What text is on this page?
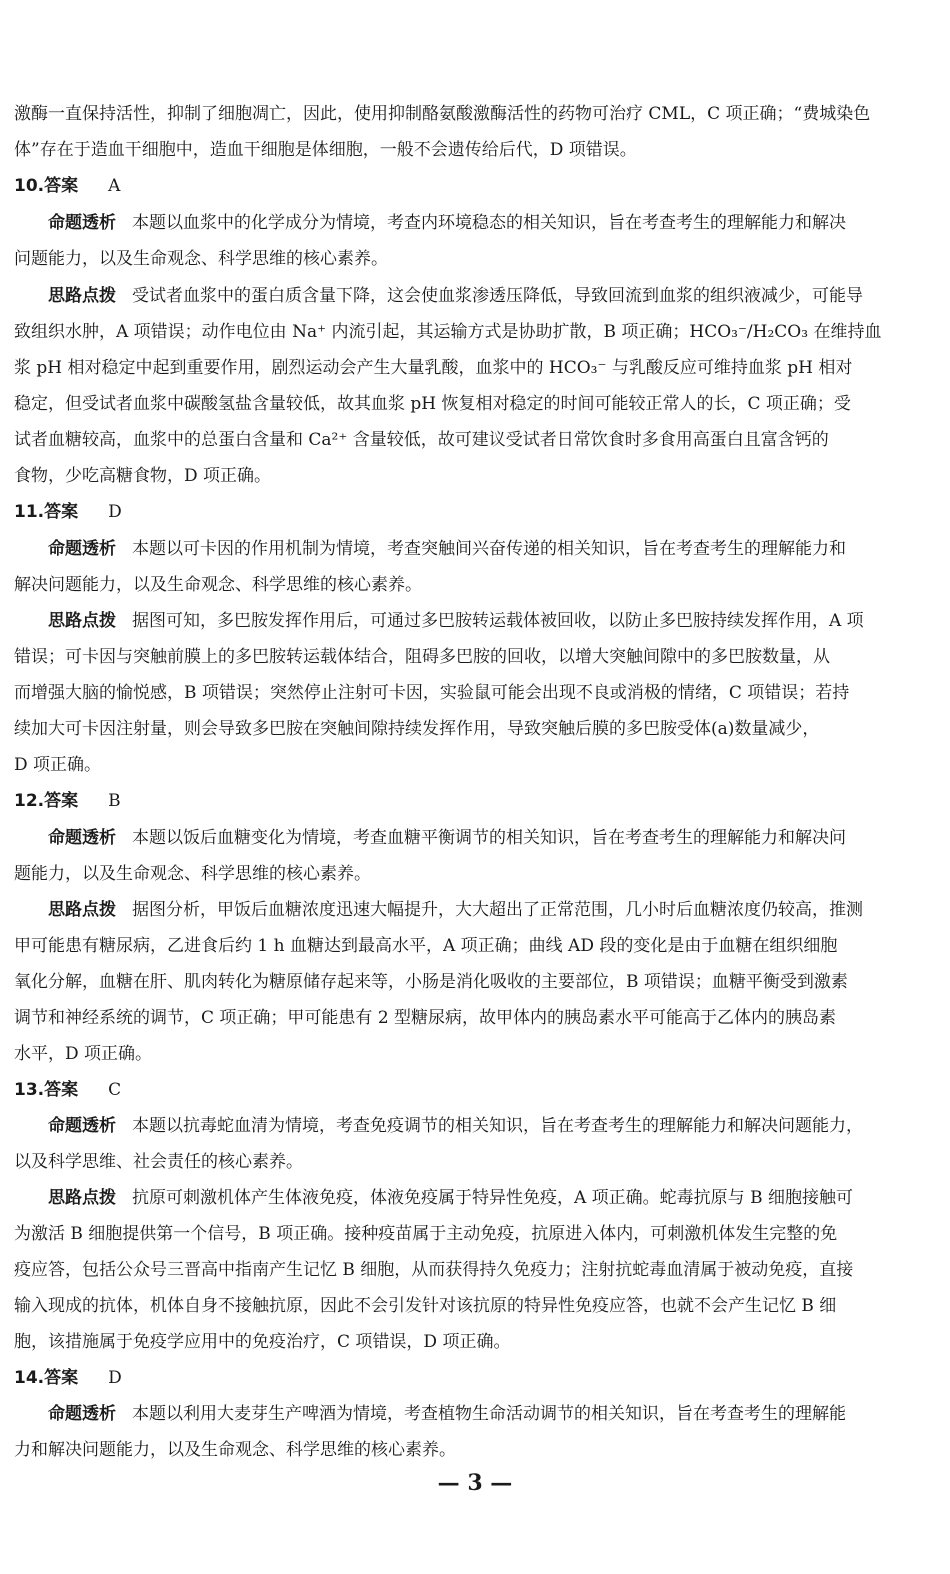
激酶一直保持活性，抑制了细胞凋亡，因此，使用抑制酪氨酸激酶活性的药物可治疗 CML，C 项正确；“费城染色

体”存在于造血干细胞中，造血干细胞是体细胞，一般不会遗传给后代，D 项错误。

10.答案 A

命题透析 本题以血浆中的化学成分为情境，考查内环境稳态的相关知识，旨在考查考生的理解能力和解决

问题能力，以及生命观念、科学思维的核心素养。

思路点拨 受试者血浆中的蛋白质含量下降，这会使血浆渗透压降低，导致回流到血浆的组织液减少，可能导

致组织水肿，A 项错误；动作电位由 Na⁺ 内流引起，其运输方式是协助扩散，B 项正确；HCO₃⁻/H₂CO₃ 在维持血

浆 pH 相对稳定中起到重要作用，剧烈运动会产生大量乳酸，血浆中的 HCO₃⁻ 与乳酸反应可维持血浆 pH 相对

稳定，但受试者血浆中碳酸氢盐含量较低，故其血浆 pH 恢复相对稳定的时间可能较正常人的长，C 项正确；受

试者血糖较高，血浆中的总蛋白含量和 Ca²⁺ 含量较低，故可建议受试者日常饮食时多食用高蛋白且富含钙的

食物，少吃高糖食物，D 项正确。

11.答案 D

命题透析 本题以可卡因的作用机制为情境，考查突触间兴奋传递的相关知识，旨在考查考生的理解能力和

解决问题能力，以及生命观念、科学思维的核心素养。

思路点拨 据图可知，多巴胺发挥作用后，可通过多巴胺转运载体被回收，以防止多巴胺持续发挥作用，A 项

错误；可卡因与突触前膜上的多巴胺转运载体结合，阻碍多巴胺的回收，以增大突触间隙中的多巴胺数量，从

而增强大脑的愉悦感，B 项错误；突然停止注射可卡因，实验鼠可能会出现不良或消极的情绪，C 项错误；若持

续加大可卡因注射量，则会导致多巴胺在突触间隙持续发挥作用，导致突触后膜的多巴胺受体(a)数量减少，

D 项正确。

12.答案 B

命题透析 本题以饭后血糖变化为情境，考查血糖平衡调节的相关知识，旨在考查考生的理解能力和解决问

题能力，以及生命观念、科学思维的核心素养。

思路点拨 据图分析，甲饭后血糖浓度迅速大幅提升，大大超出了正常范围，几小时后血糖浓度仍较高，推测

甲可能患有糖尿病，乙进食后约 1 h 血糖达到最高水平，A 项正确；曲线 AD 段的变化是由于血糖在组织细胞

氧化分解，血糖在肝、肌肉转化为糖原储存起来等，小肠是消化吸收的主要部位，B 项错误；血糖平衡受到激素

调节和神经系统的调节，C 项正确；甲可能患有 2 型糖尿病，故甲体内的胰岛素水平可能高于乙体内的胰岛素

水平，D 项正确。

13.答案 C

命题透析 本题以抗毒蛇血清为情境，考查免疫调节的相关知识，旨在考查考生的理解能力和解决问题能力，

以及科学思维、社会责任的核心素养。

思路点拨 抗原可刺激机体产生体液免疫，体液免疫属于特异性免疫，A 项正确。蛇毒抗原与 B 细胞接触可

为激活 B 细胞提供第一个信号，B 项正确。接种疫苗属于主动免疫，抗原进入体内，可刺激机体发生完整的免

疫应答，包括公众号三晋高中指南产生记忆 B 细胞，从而获得持久免疫力；注射抗蛇毒血清属于被动免疫，直接

输入现成的抗体，机体自身不接触抗原，因此不会引发针对该抗原的特异性免疫应答，也就不会产生记忆 B 细

胞，该措施属于免疫学应用中的免疫治疗，C 项错误，D 项正确。

14.答案 D

命题透析 本题以利用大麦芽生产啤酒为情境，考查植物生命活动调节的相关知识，旨在考查考生的理解能

力和解决问题能力，以及生命观念、科学思维的核心素养。

— 3 —
